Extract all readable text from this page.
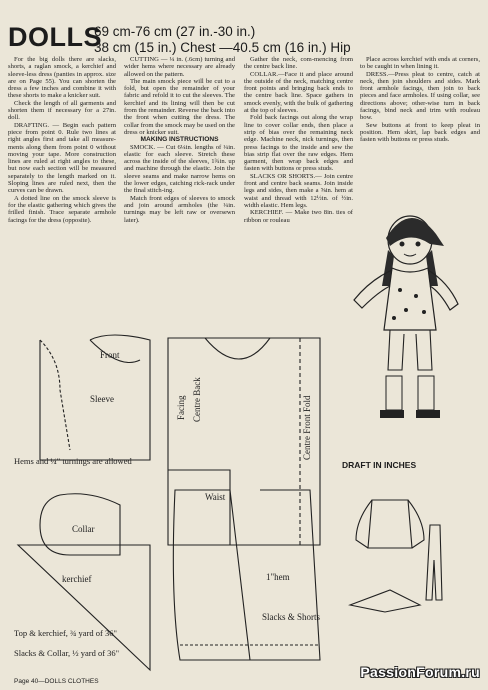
DOLLS
69 cm-76 cm (27 in.-30 in.)
38 cm (15 in.) Chest —40.5 cm (16 in.) Hip

For the big dolls there are slacks, shorts, a raglan smock, a kerchief and sleeve-less dress (panties in approx. size are on Page 55). You can shorten the dress a few inches and combine it with these shorts to make a knicker suit.

Check the length of all garments and shorten them if necessary for a 27in. doll.

DRAFTING. — Begin each pattern piece from point 0. Rule two lines at right angles first and take all measure-ments along them from point 0 without moving your tape. More construction lines are ruled at right angles to these, but now each section will be measured separately to the length marked on it. Sloping lines are ruled next, then the curves can be drawn.

A dotted line on the smock sleeve is for the elastic gathering which gives the frilled finish. Trace separate armhole facings for the dress (opposite).

CUTTING — ¼ in. (.6cm) turning and wider hems where necessary are already allowed on the pattern.

The main smock piece will be cut to a fold, but open the remainder of your fabric and refold it to cut the sleeves. The kerchief and its lining will then be cut from the remainder. Reverse the back into the front when cutting the dress. The collar from the smock may be used on the dress or knicker suit.

MAKING INSTRUCTIONS

SMOCK. — Cut 6¼in. lengths of ¼in. elastic for each sleeve. Stretch these across the inside of the sleeves, 1¾in. up and machine through the elastic. Join the sleeve seams and make narrow hems on the lower edges, catching rick-rack under the final stitch-ing.

Match front edges of sleeves to smock and join around armholes (the ¼in. turnings may be left raw or oversewn later).

Gather the neck, com-mencing from the centre back line.

COLLAR.—Face it and place around the outside of the neck, matching centre front points and bringing back ends to the centre back line. Space gathers in smock evenly, with the bulk of gathering at the top of sleeves.

Fold back facings out along the wrap line to cover collar ends, then place a strip of bias over the remaining neck edge. Machine neck, nick turnings, then press facings to the inside and sew the bias strip flat over the raw edges. Hem garment, then wrap back edges and fasten with buttons or press studs.

SLACKS OR SHORTS.— Join centre front and centre back seams. Join inside legs and sides, then make a ⅝in. hem at waist and thread with 12½in. of ½in. width elastic. Hem legs.

KERCHIEF. — Make two 8in. ties of ribbon or rouleau

Place across kerchief with ends at corners, to be caught in when lining it.

DRESS.—Press pleat to centre, catch at neck, then join shoulders and sides. Mark front armhole facings, then join to back pieces and face armholes. If using collar, see directions above; other-wise turn in back facings, bind neck and trim with rouleau bow.

Sew buttons at front to keep pleat in position. Hem skirt, lap back edges and fasten with buttons or press studs.

Front
Sleeve	Facing Centre Back	Centre Front Fold
Collar
kerchief
Waist
Slacks & Shorts
1"hem
Hems and ¼" turnings are allowed
Top & kerchief, ¾ yard of 36"
Slacks & Collar, ½ yard of 36"
DRAFT IN INCHES
Page 40—DOLLS CLOTHES
PassionForum.ru
